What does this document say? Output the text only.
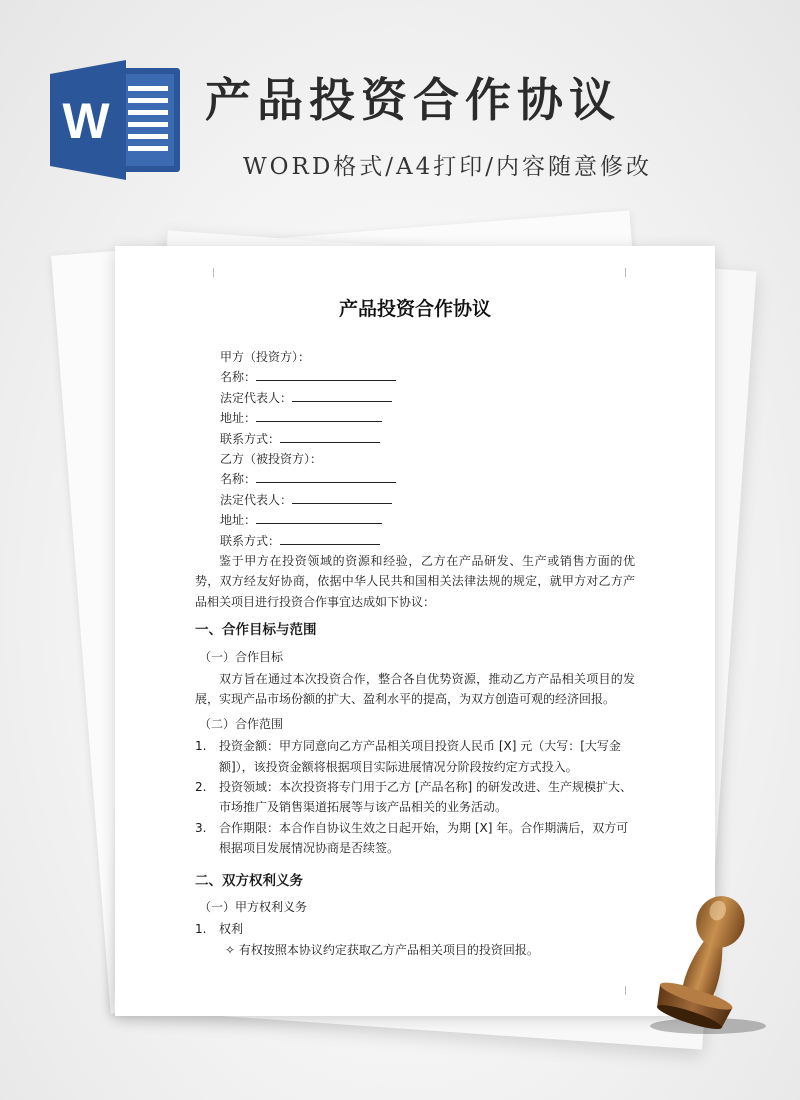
W 产品投资合作协议
WORD格式/A4打印/内容随意修改
产品投资合作协议
甲方（投资方）：
名称：
法定代表人：
地址：
联系方式：
乙方（被投资方）：
名称：
法定代表人：
地址：
联系方式：
鉴于甲方在投资领域的资源和经验，乙方在产品研发、生产或销售方面的优势，双方经友好协商，依据中华人民共和国相关法律法规的规定，就甲方对乙方产品相关项目进行投资合作事宜达成如下协议：
一、合作目标与范围
（一）合作目标
双方旨在通过本次投资合作，整合各自优势资源，推动乙方产品相关项目的发展，实现产品市场份额的扩大、盈利水平的提高，为双方创造可观的经济回报。
（二）合作范围
1. 投资金额：甲方同意向乙方产品相关项目投资人民币 [X] 元（大写：[大写金额]），该投资金额将根据项目实际进展情况分阶段按约定方式投入。
2. 投资领域：本次投资将专门用于乙方 [产品名称] 的研发改进、生产规模扩大、市场推广及销售渠道拓展等与该产品相关的业务活动。
3. 合作期限：本合作自协议生效之日起开始，为期 [X] 年。合作期满后，双方可根据项目发展情况协商是否续签。
二、双方权利义务
（一）甲方权利义务
1. 权利
✧ 有权按照本协议约定获取乙方产品相关项目的投资回报。
